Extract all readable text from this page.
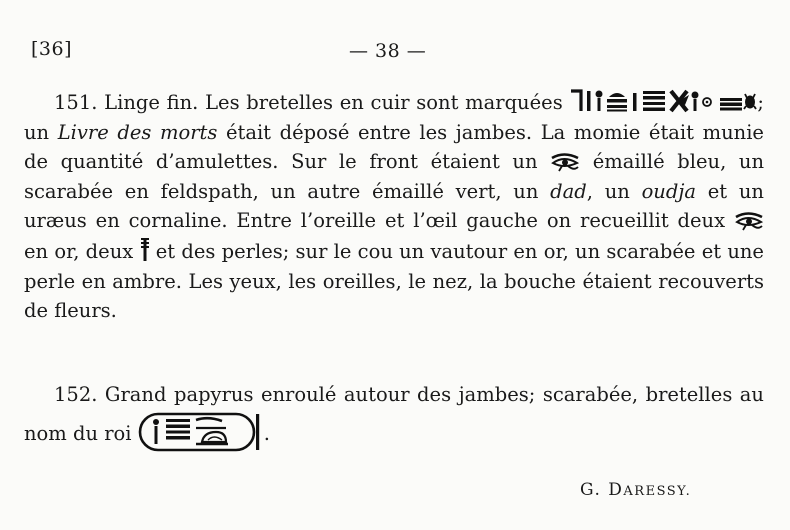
[36]	— 38 —
151. Linge fin. Les bretelles en cuir sont marquées	; un Livre des morts était déposé entre les jambes. La momie était munie de quantité d’amulettes. Sur le front étaient un
émaillé bleu, un scarabée en feldspath, un autre émaillé vert, un dad, un oudja et un uræus en cornaline. Entre l’oreille et l’œil gauche on recueillit deux
en or, deux
et des perles; sur le cou un vautour en or, un scarabée et une perle en ambre. Les yeux, les oreilles, le nez, la bouche étaient recouverts de fleurs.
152. Grand papyrus enroulé autour des jambes; scarabée, bretelles au nom du roi	.
G. DARESSY.
